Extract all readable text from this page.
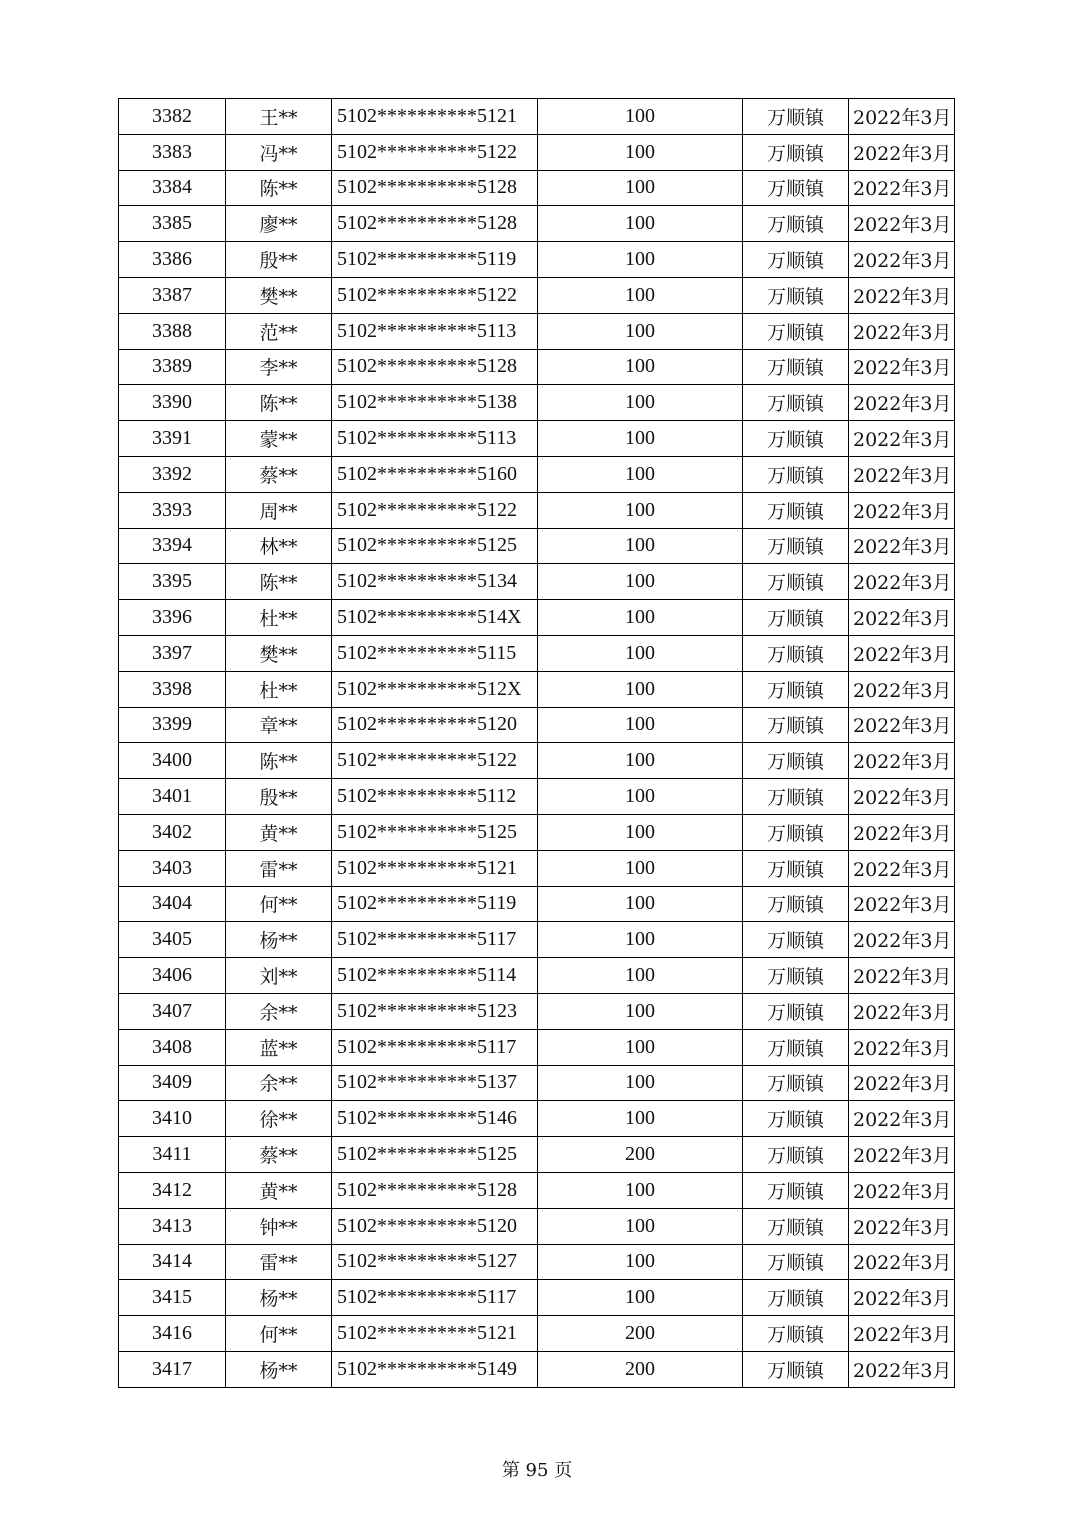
3382	王**	5102**********5121	100	万顺镇	2022年3月
3383	冯**	5102**********5122	100	万顺镇	2022年3月
3384	陈**	5102**********5128	100	万顺镇	2022年3月
3385	廖**	5102**********5128	100	万顺镇	2022年3月
3386	殷**	5102**********5119	100	万顺镇	2022年3月
3387	樊**	5102**********5122	100	万顺镇	2022年3月
3388	范**	5102**********5113	100	万顺镇	2022年3月
3389	李**	5102**********5128	100	万顺镇	2022年3月
3390	陈**	5102**********5138	100	万顺镇	2022年3月
3391	蒙**	5102**********5113	100	万顺镇	2022年3月
3392	蔡**	5102**********5160	100	万顺镇	2022年3月
3393	周**	5102**********5122	100	万顺镇	2022年3月
3394	林**	5102**********5125	100	万顺镇	2022年3月
3395	陈**	5102**********5134	100	万顺镇	2022年3月
3396	杜**	5102**********514X	100	万顺镇	2022年3月
3397	樊**	5102**********5115	100	万顺镇	2022年3月
3398	杜**	5102**********512X	100	万顺镇	2022年3月
3399	章**	5102**********5120	100	万顺镇	2022年3月
3400	陈**	5102**********5122	100	万顺镇	2022年3月
3401	殷**	5102**********5112	100	万顺镇	2022年3月
3402	黄**	5102**********5125	100	万顺镇	2022年3月
3403	雷**	5102**********5121	100	万顺镇	2022年3月
3404	何**	5102**********5119	100	万顺镇	2022年3月
3405	杨**	5102**********5117	100	万顺镇	2022年3月
3406	刘**	5102**********5114	100	万顺镇	2022年3月
3407	余**	5102**********5123	100	万顺镇	2022年3月
3408	蓝**	5102**********5117	100	万顺镇	2022年3月
3409	余**	5102**********5137	100	万顺镇	2022年3月
3410	徐**	5102**********5146	100	万顺镇	2022年3月
3411	蔡**	5102**********5125	200	万顺镇	2022年3月
3412	黄**	5102**********5128	100	万顺镇	2022年3月
3413	钟**	5102**********5120	100	万顺镇	2022年3月
3414	雷**	5102**********5127	100	万顺镇	2022年3月
3415	杨**	5102**********5117	100	万顺镇	2022年3月
3416	何**	5102**********5121	200	万顺镇	2022年3月
3417	杨**	5102**********5149	200	万顺镇	2022年3月
第 95 页
